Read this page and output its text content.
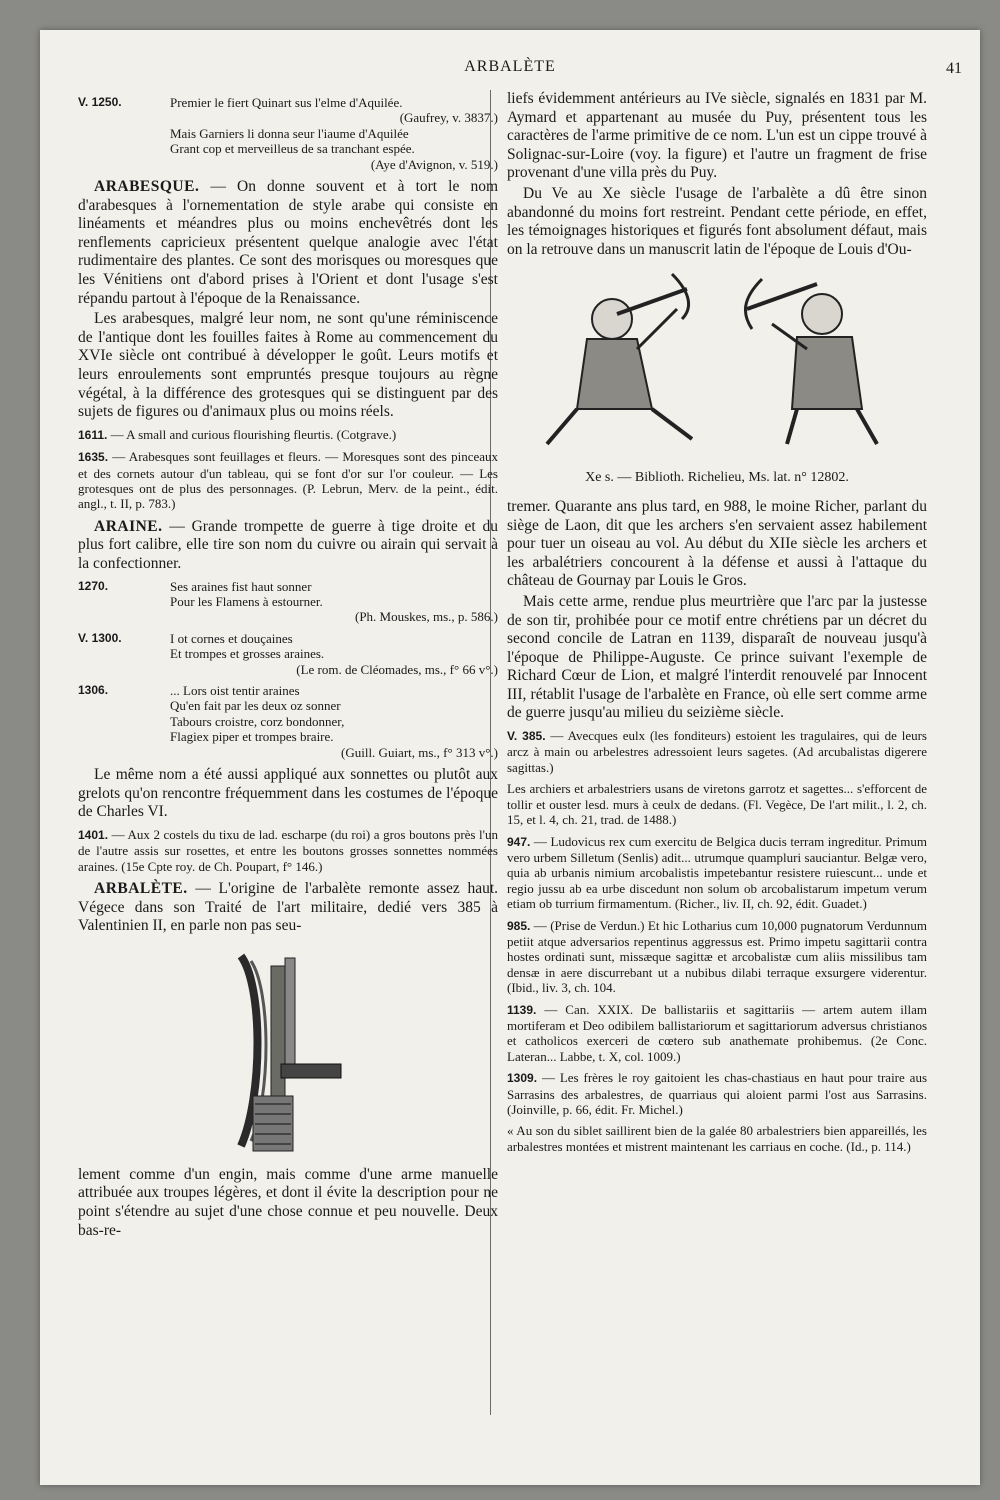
ARBALÈTE	41
V. 1250.	Premier le fiert Quinart sus l'elme d'Aquilée.
(Gaufrey, v. 3837.)
Mais Garniers li donna seur l'iaume d'Aquilée
Grant cop et merveilleus de sa tranchant espée.
(Aye d'Avignon, v. 519.)

ARABESQUE. — On donne souvent et à tort le nom d'arabesques à l'ornementation de style arabe qui consiste en linéaments et méandres plus ou moins enchevêtrés dont les renflements capricieux présentent quelque analogie avec l'état rudimentaire des plantes. Ce sont des morisques ou moresques que les Vénitiens ont d'abord prises à l'Orient et dont l'usage s'est répandu partout à l'époque de la Renaissance.

Les arabesques, malgré leur nom, ne sont qu'une réminiscence de l'antique dont les fouilles faites à Rome au commencement du XVIe siècle ont contribué à développer le goût. Leurs motifs et leurs enroulements sont empruntés presque toujours au règne végétal, à la différence des grotesques qui se distinguent par des sujets de figures ou d'animaux plus ou moins réels.

1611. — A small and curious flourishing fleurtis. (Cotgrave.)
1635. — Arabesques sont feuillages et fleurs. — Moresques sont des pinceaux et des cornets autour d'un tableau, qui se font d'or sur l'or couleur. — Les grotesques ont de plus des personnages. (P. Lebrun, Merv. de la peint., édit. angl., t. II, p. 783.)

ARAINE. — Grande trompette de guerre à tige droite et du plus fort calibre, elle tire son nom du cuivre ou airain qui servait à la confectionner.

1270.	Ses araines fist haut sonner
Pour les Flamens à estourner.
(Ph. Mouskes, ms., p. 586.)
V. 1300.	I ot cornes et douçaines
Et trompes et grosses araines.
(Le rom. de Cléomades, ms., f° 66 v°.)
1306.	... Lors oist tentir araines
Qu'en fait par les deux oz sonner
Tabours croistre, corz bondonner,
Flagiex piper et trompes braire.
(Guill. Guiart, ms., f° 313 v°.)

Le même nom a été aussi appliqué aux sonnettes ou plutôt aux grelots qu'on rencontre fréquemment dans les costumes de l'époque de Charles VI.

1401. — Aux 2 costels du tixu de lad. escharpe (du roi) a gros boutons près l'un de l'autre assis sur rosettes, et entre les boutons grosses sonnettes nommées araines. (15e Cpte roy. de Ch. Poupart, f° 146.)

ARBALÈTE. — L'origine de l'arbalète remonte assez haut. Végece dans son Traité de l'art militaire, dedié vers 385 à Valentinien II, en parle non pas seu-

lement comme d'un engin, mais comme d'une arme manuelle attribuée aux troupes légères, et dont il évite la description pour ne point s'étendre au sujet d'une chose connue et peu nouvelle. Deux bas-re-

liefs évidemment antérieurs au IVe siècle, signalés en 1831 par M. Aymard et appartenant au musée du Puy, présentent tous les caractères de l'arme primitive de ce nom. L'un est un cippe trouvé à Solignac-sur-Loire (voy. la figure) et l'autre un fragment de frise provenant d'une villa près du Puy.

Du Ve au Xe siècle l'usage de l'arbalète a dû être sinon abandonné du moins fort restreint. Pendant cette période, en effet, les témoignages historiques et figurés font absolument défaut, mais on la retrouve dans un manuscrit latin de l'époque de Louis d'Ou-

Xe s. — Biblioth. Richelieu, Ms. lat. n° 12802.

tremer. Quarante ans plus tard, en 988, le moine Richer, parlant du siège de Laon, dit que les archers s'en servaient assez habilement pour tuer un oiseau au vol. Au début du XIIe siècle les archers et les arbalétriers concourent à la défense et aussi à l'attaque du château de Gournay par Louis le Gros.

Mais cette arme, rendue plus meurtrière que l'arc par la justesse de son tir, prohibée pour ce motif entre chrétiens par un décret du second concile de Latran en 1139, disparaît de nouveau jusqu'à l'époque de Philippe-Auguste. Ce prince suivant l'exemple de Richard Cœur de Lion, et malgré l'interdit renouvelé par Innocent III, rétablit l'usage de l'arbalète en France, où elle sert comme arme de guerre jusqu'au milieu du seizième siècle.

V. 385. — Avecques eulx (les fonditeurs) estoient les tragulaires, qui de leurs arcz à main ou arbelestres adressoient leurs sagetes. (Ad arcubalistas digerere sagittas.)
Les archiers et arbalestriers usans de viretons garrotz et sagettes... s'efforcent de tollir et ouster lesd. murs à ceulx de dedans. (Fl. Vegèce, De l'art milit., l. 2, ch. 15, et l. 4, ch. 21, trad. de 1488.)
947. — Ludovicus rex cum exercitu de Belgica ducis terram ingreditur. Primum vero urbem Silletum (Senlis) adit... utrumque quampluri sauciantur. Belgæ vero, quia ab urbanis nimium arcobalistis impetebantur resistere ruiescunt... unde et regio jussu ab ea urbe discedunt non solum ob arcobalistarum impetum verum etiam ob turrium firmamentum. (Richer., liv. II, ch. 92, édit. Guadet.)
985. — (Prise de Verdun.) Et hic Lotharius cum 10,000 pugnatorum Verdunnum petiit atque adversarios repentinus aggressus est. Primo impetu sagittarii contra hostes ordinati sunt, missæque sagittæ et arcobalistæ cum aliis missilibus tam densæ in aere discurrebant ut a nubibus dilabi terraque exsurgere viderentur. (Ibid., liv. 3, ch. 104.
1139. — Can. XXIX. De ballistariis et sagittariis — artem autem illam mortiferam et Deo odibilem ballistariorum et sagittariorum adversus christianos et catholicos exerceri de cœtero sub anathemate prohibemus. (2e Conc. Lateran... Labbe, t. X, col. 1009.)
1309. — Les frères le roy gaitoient les chas-chastiaus en haut pour traire aus Sarrasins des arbalestres, de quarriaus qui aloient parmi l'ost aus Sarrasins. (Joinville, p. 66, édit. Fr. Michel.)
« Au son du siblet saillirent bien de la galée 80 arbalestriers bien appareillés, les arbalestres montées et mistrent maintenant les carriaus en coche. (Id., p. 114.)
